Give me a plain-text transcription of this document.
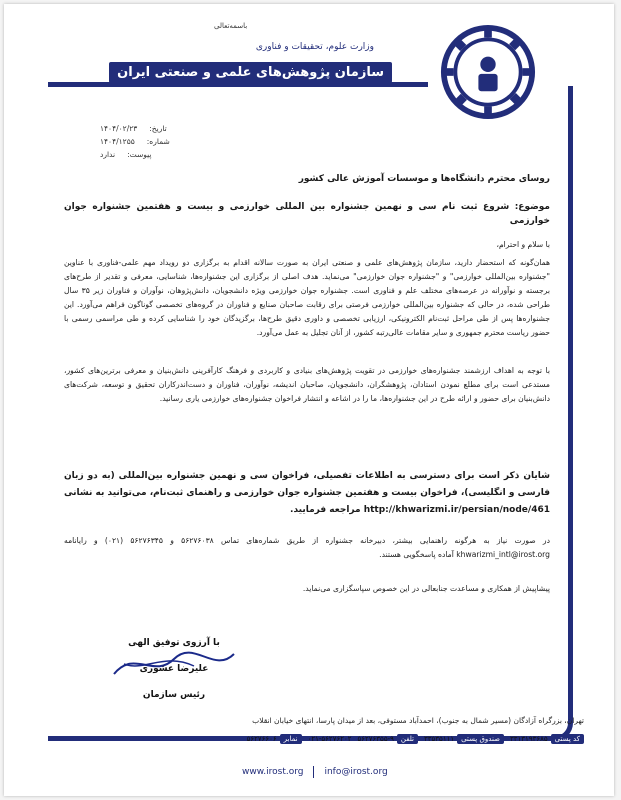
باسمه‌تعالی
وزارت علوم، تحقیقات و فناوری
سازمان پژوهش‌های علمی و صنعتی ایران
۱۴۰۴/۰۲/۲۳ تاریخ:
۱۴۰۴/۱۲۵۵ شماره:
ندارد پیوست:
روسای محترم دانشگاه‌ها و موسسات آموزش عالی کشور
موضوع: شروع ثبت نام سی و نهمین جشنواره بین المللی خوارزمی و بیست و هفتمین جشنواره جوان خوارزمی
با سلام و احترام،
همان‌گونه که استحضار دارید، سازمان پژوهش‌های علمی و صنعتی ایران به صورت سالانه اقدام به برگزاری دو رویداد مهم علمی-فناوری با عناوین "جشنواره بین‌المللی خوارزمی" و "جشنواره جوان خوارزمی" می‌نماید. هدف اصلی از برگزاری این جشنواره‌ها، شناسایی، معرفی و تقدیر از طرح‌های برجسته و نوآورانه در عرصه‌های مختلف علم و فناوری است. جشنواره جوان خوارزمی ویژه دانشجویان، دانش‌پژوهان، نوآوران و فناوران زیر ۳۵ سال طراحی شده، در حالی که جشنواره بین‌المللی خوارزمی فرصتی برای رقابت صاحبان صنایع و فناوران در گروه‌های تخصصی گوناگون فراهم می‌آورد. این جشنواره‌ها پس از طی مراحل ثبت‌نام الکترونیکی، ارزیابی تخصصی و داوری دقیق طرح‌ها، برگزیدگان خود را شناسایی کرده و طی مراسمی رسمی با حضور ریاست محترم جمهوری و سایر مقامات عالی‌رتبه کشور، از آنان تجلیل به عمل می‌آورد.
با توجه به اهداف ارزشمند جشنواره‌های خوارزمی در تقویت پژوهش‌های بنیادی و کاربردی و فرهنگ کارآفرینی دانش‌بنیان و معرفی برترین‌های کشور، مستدعی است برای مطلع نمودن استادان، پژوهشگران، دانشجویان، صاحبان اندیشه، نوآوران، فناوران و دست‌اندرکاران تحقیق و توسعه، شرکت‌های دانش‌بنیان برای حضور و ارائه طرح در این جشنواره‌ها، ما را در اشاعه و انتشار فراخوان جشنواره‌های خوارزمی یاری رسانید.
شایان ذکر است برای دسترسی به اطلاعات تفصیلی، فراخوان سی و نهمین جشنواره بین‌المللی (به دو زبان فارسی و انگلیسی)، فراخوان بیست و هفتمین جشنواره جوان خوارزمی و راهنمای ثبت‌نام، می‌توانید به نشانی http://khwarizmi.ir/persian/node/461 مراجعه فرمایید.
در صورت نیاز به هرگونه راهنمایی بیشتر، دبیرخانه جشنواره از طریق شماره‌های تماس ۵۶۲۷۶۰۳۸ و ۵۶۲۷۶۳۴۵ (۰۲۱) و رایانامه khwarizmi_intl@irost.org آماده پاسخگویی هستند.
پیشاپیش از همکاری و مساعدت جنابعالی در این خصوص سپاسگزاری می‌نماید.
با آرزوی توفیق الهی
علیرضا عشوری
رئیس سازمان
تهران، بزرگراه آزادگان (مسیر شمال به جنوب)، احمدآباد مستوفی، بعد از میدان پارسا، انتهای خیابان انقلاب
کد پستی
۳۳۱۳۱۹۳۶۸۵
صندوق پستی
۳۳۵۳۵۱۱۱
تلفن
۵۶۲۷۶۳۵۵-۹
۰۲۱-۵۶۲۷۶۲۰۲
نمابر
۵۶۲۷۶۶۰۶
www.irost.org info@irost.org
